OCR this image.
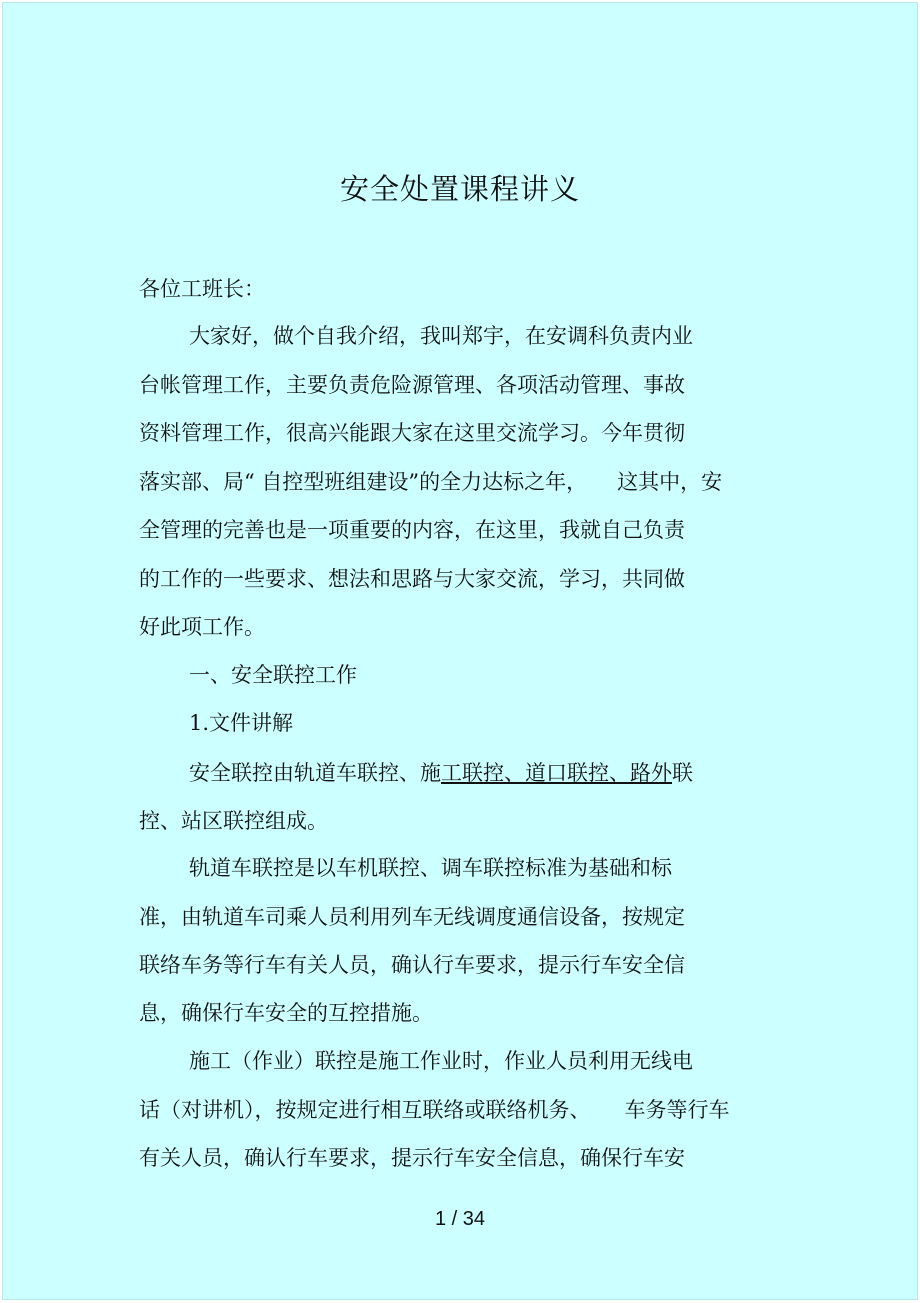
安全处置课程讲义
各位工班长：
大家好，做个自我介绍，我叫郑宇，在安调科负责内业
台帐管理工作，主要负责危险源管理、各项活动管理、事故
资料管理工作，很高兴能跟大家在这里交流学习。今年贯彻
落实部、局“ 自控型班组建设”的全力达标之年， 这其中，安
全管理的完善也是一项重要的内容，在这里，我就自己负责
的工作的一些要求、想法和思路与大家交流，学习，共同做
好此项工作。
一、安全联控工作
1.文件讲解
安全联控由轨道车联控、施工联控、道口联控、路外联
控、站区联控组成。
轨道车联控是以车机联控、调车联控标准为基础和标
准，由轨道车司乘人员利用列车无线调度通信设备，按规定
联络车务等行车有关人员，确认行车要求，提示行车安全信
息，确保行车安全的互控措施。
施工（作业）联控是施工作业时，作业人员利用无线电
话（对讲机），按规定进行相互联络或联络机务、 车务等行车
有关人员，确认行车要求，提示行车安全信息，确保行车安
1 / 34
